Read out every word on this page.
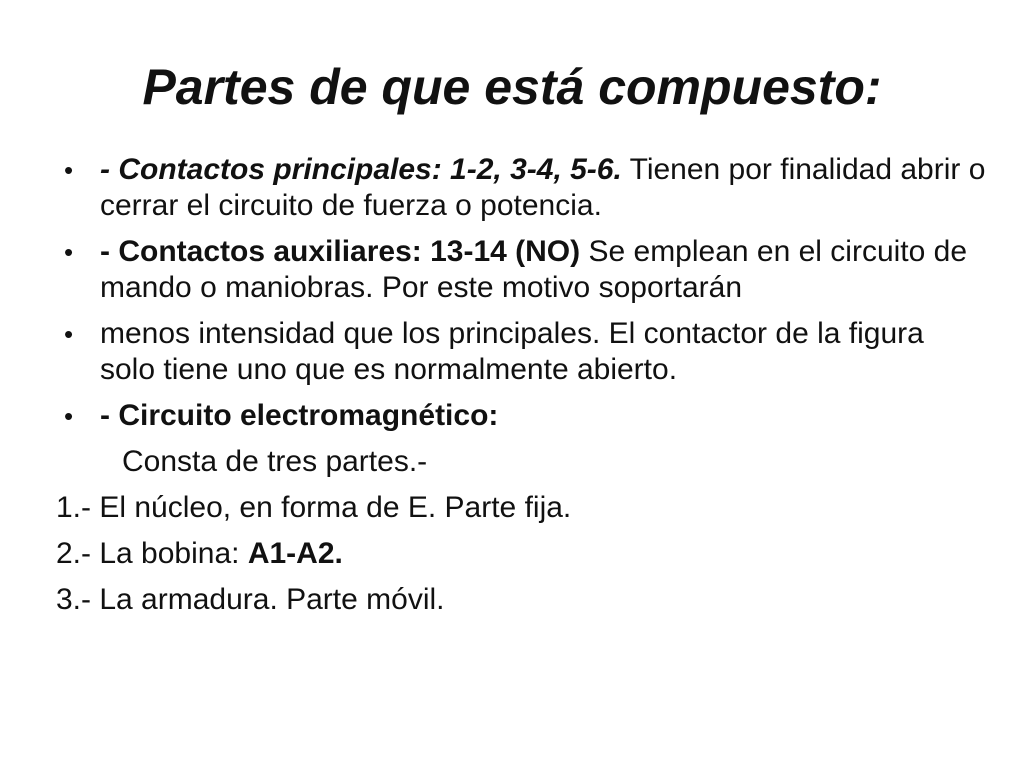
Partes de que está compuesto:
• - Contactos principales: 1-2, 3-4, 5-6. Tienen por finalidad abrir o cerrar el circuito de fuerza o potencia.
• - Contactos auxiliares: 13-14 (NO) Se emplean en el circuito de mando o maniobras. Por este motivo soportarán
• menos intensidad que los principales. El contactor de la figura solo tiene uno que es normalmente abierto.
• - Circuito electromagnético:
Consta de tres partes.-
1.- El núcleo, en forma de E. Parte fija.
2.- La bobina: A1-A2.
3.- La armadura. Parte móvil.
